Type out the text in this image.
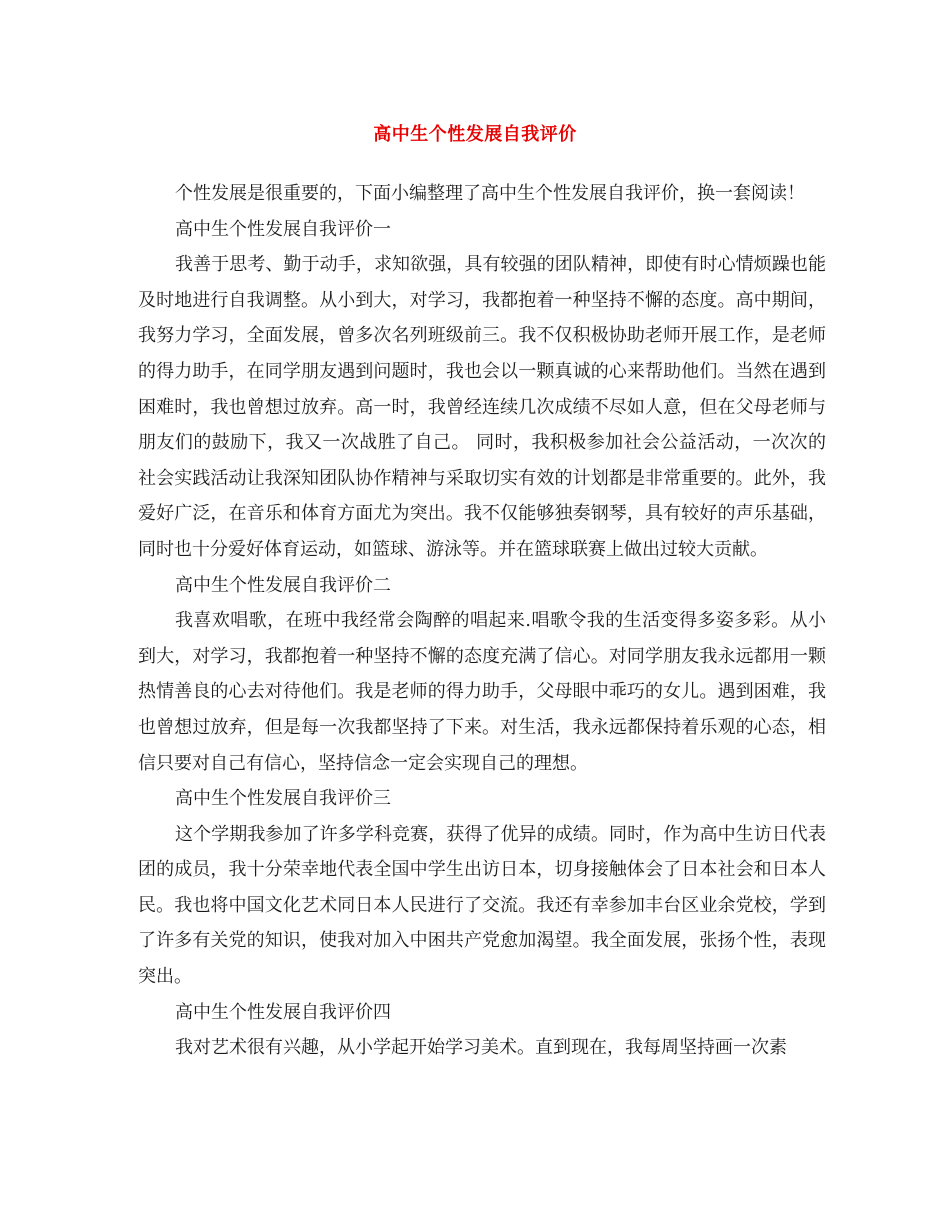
高中生个性发展自我评价

个性发展是很重要的，下面小编整理了高中生个性发展自我评价，换一套阅读！

高中生个性发展自我评价一

我善于思考、勤于动手，求知欲强，具有较强的团队精神，即使有时心情烦躁也能及时地进行自我调整。从小到大，对学习，我都抱着一种坚持不懈的态度。高中期间，我努力学习，全面发展，曾多次名列班级前三。我不仅积极协助老师开展工作，是老师的得力助手，在同学朋友遇到问题时，我也会以一颗真诚的心来帮助他们。当然在遇到困难时，我也曾想过放弃。高一时，我曾经连续几次成绩不尽如人意，但在父母老师与朋友们的鼓励下，我又一次战胜了自己。 同时，我积极参加社会公益活动，一次次的社会实践活动让我深知团队协作精神与采取切实有效的计划都是非常重要的。此外，我爱好广泛，在音乐和体育方面尤为突出。我不仅能够独奏钢琴，具有较好的声乐基础，同时也十分爱好体育运动，如篮球、游泳等。并在篮球联赛上做出过较大贡献。

高中生个性发展自我评价二

我喜欢唱歌，在班中我经常会陶醉的唱起来.唱歌令我的生活变得多姿多彩。从小到大，对学习，我都抱着一种坚持不懈的态度充满了信心。对同学朋友我永远都用一颗热情善良的心去对待他们。我是老师的得力助手，父母眼中乖巧的女儿。遇到困难，我也曾想过放弃，但是每一次我都坚持了下来。对生活，我永远都保持着乐观的心态，相信只要对自己有信心，坚持信念一定会实现自己的理想。

高中生个性发展自我评价三

这个学期我参加了许多学科竞赛，获得了优异的成绩。同时，作为高中生访日代表团的成员，我十分荣幸地代表全国中学生出访日本，切身接触体会了日本社会和日本人民。我也将中国文化艺术同日本人民进行了交流。我还有幸参加丰台区业余党校，学到了许多有关党的知识，使我对加入中困共产党愈加渴望。我全面发展，张扬个性，表现突出。

高中生个性发展自我评价四

我对艺术很有兴趣，从小学起开始学习美术。直到现在，我每周坚持画一次素
